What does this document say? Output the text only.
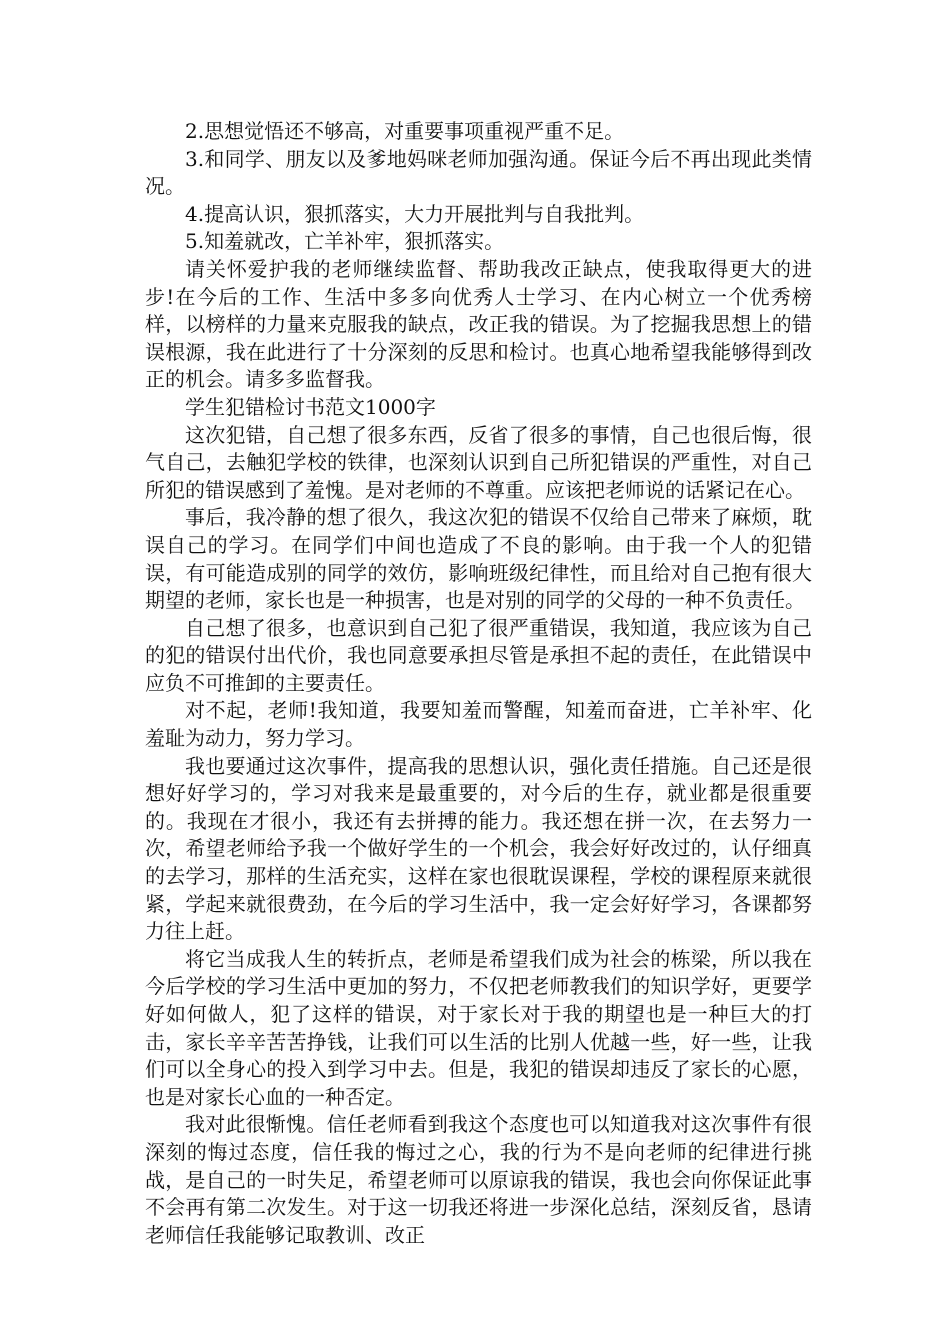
2.思想觉悟还不够高，对重要事项重视严重不足。

3.和同学、朋友以及爹地妈咪老师加强沟通。保证今后不再出现此类情况。

4.提高认识，狠抓落实，大力开展批判与自我批判。

5.知羞就改，亡羊补牢，狠抓落实。

请关怀爱护我的老师继续监督、帮助我改正缺点，使我取得更大的进步!在今后的工作、生活中多多向优秀人士学习、在内心树立一个优秀榜样，以榜样的力量来克服我的缺点，改正我的错误。为了挖掘我思想上的错误根源，我在此进行了十分深刻的反思和检讨。也真心地希望我能够得到改正的机会。请多多监督我。

学生犯错检讨书范文1000字

这次犯错，自己想了很多东西，反省了很多的事情，自己也很后悔，很气自己，去触犯学校的铁律，也深刻认识到自己所犯错误的严重性，对自己所犯的错误感到了羞愧。是对老师的不尊重。应该把老师说的话紧记在心。

事后，我冷静的想了很久，我这次犯的错误不仅给自己带来了麻烦，耽误自己的学习。在同学们中间也造成了不良的影响。由于我一个人的犯错误，有可能造成别的同学的效仿，影响班级纪律性，而且给对自己抱有很大期望的老师，家长也是一种损害，也是对别的同学的父母的一种不负责任。

自己想了很多，也意识到自己犯了很严重错误，我知道，我应该为自己的犯的错误付出代价，我也同意要承担尽管是承担不起的责任，在此错误中应负不可推卸的主要责任。

对不起，老师!我知道，我要知羞而警醒，知羞而奋进，亡羊补牢、化羞耻为动力，努力学习。

我也要通过这次事件，提高我的思想认识，强化责任措施。自己还是很想好好学习的，学习对我来是最重要的，对今后的生存，就业都是很重要的。我现在才很小，我还有去拼搏的能力。我还想在拼一次，在去努力一次，希望老师给予我一个做好学生的一个机会，我会好好改过的，认仔细真的去学习，那样的生活充实，这样在家也很耽误课程，学校的课程原来就很紧，学起来就很费劲，在今后的学习生活中，我一定会好好学习，各课都努力往上赶。

将它当成我人生的转折点，老师是希望我们成为社会的栋梁，所以我在今后学校的学习生活中更加的努力，不仅把老师教我们的知识学好，更要学好如何做人，犯了这样的错误，对于家长对于我的期望也是一种巨大的打击，家长辛辛苦苦挣钱，让我们可以生活的比别人优越一些，好一些，让我们可以全身心的投入到学习中去。但是，我犯的错误却违反了家长的心愿，也是对家长心血的一种否定。

我对此很惭愧。信任老师看到我这个态度也可以知道我对这次事件有很深刻的悔过态度，信任我的悔过之心，我的行为不是向老师的纪律进行挑战，是自己的一时失足，希望老师可以原谅我的错误，我也会向你保证此事不会再有第二次发生。对于这一切我还将进一步深化总结，深刻反省，恳请老师信任我能够记取教训、改正
